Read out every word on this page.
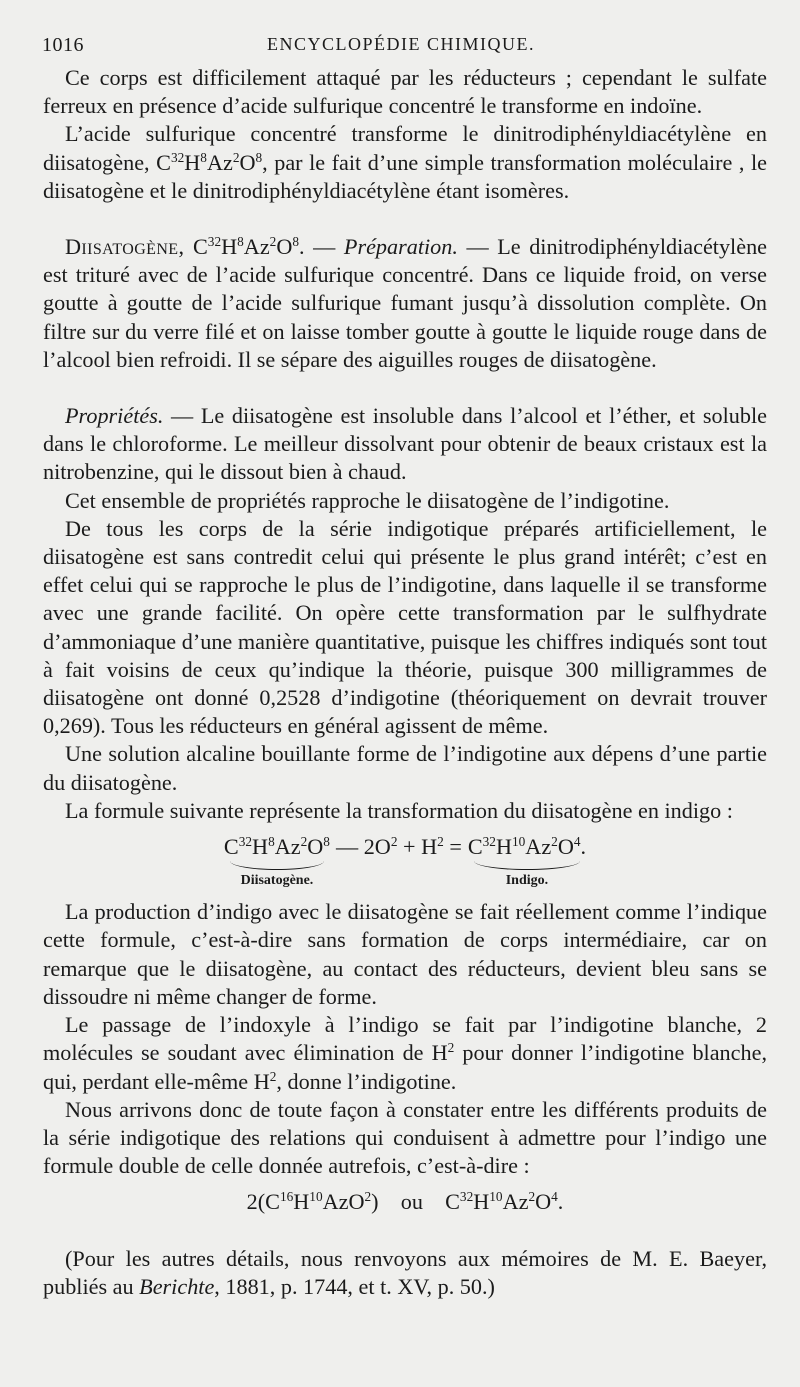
1016	ENCYCLOPÉDIE CHIMIQUE.

Ce corps est difficilement attaqué par les réducteurs ; cependant le sulfate ferreux en présence d’acide sulfurique concentré le transforme en indoïne.

L’acide sulfurique concentré transforme le dinitrodiphényldiacétylène en diisatogène, $C^{32}H^8Az^2O^8$, par le fait d’une simple transformation moléculaire , le diisatogène et le dinitrodiphényldiacétylène étant isomères.

Diisatogène, $C^{32}H^8Az^2O^8$. — Préparation. — Le dinitrodiphényldiacétylène est trituré avec de l’acide sulfurique concentré. Dans ce liquide froid, on verse goutte à goutte de l’acide sulfurique fumant jusqu’à dissolution complète. On filtre sur du verre filé et on laisse tomber goutte à goutte le liquide rouge dans de l’alcool bien refroidi. Il se sépare des aiguilles rouges de diisatogène.

Propriétés. — Le diisatogène est insoluble dans l’alcool et l’éther, et soluble dans le chloroforme. Le meilleur dissolvant pour obtenir de beaux cristaux est la nitrobenzine, qui le dissout bien à chaud.

Cet ensemble de propriétés rapproche le diisatogène de l’indigotine.

De tous les corps de la série indigotique préparés artificiellement, le diisatogène est sans contredit celui qui présente le plus grand intérêt; c’est en effet celui qui se rapproche le plus de l’indigotine, dans laquelle il se transforme avec une grande facilité. On opère cette transformation par le sulfhydrate d’ammoniaque d’une manière quantitative, puisque les chiffres indiqués sont tout à fait voisins de ceux qu’indique la théorie, puisque 300 milligrammes de diisatogène ont donné 0,2528 d’indigotine (théoriquement on devrait trouver 0,269). Tous les réducteurs en général agissent de même.

Une solution alcaline bouillante forme de l’indigotine aux dépens d’une partie du diisatogène.

La formule suivante représente la transformation du diisatogène en indigo :

$C^{32}H^8Az^2O^8$
Diisatogène.
— $2O^2 + H^2 = C^{32}H^{10}Az^2O^4$.
Indigo.

La production d’indigo avec le diisatogène se fait réellement comme l’indique cette formule, c’est-à-dire sans formation de corps intermédiaire, car on remarque que le diisatogène, au contact des réducteurs, devient bleu sans se dissoudre ni même changer de forme.

Le passage de l’indoxyle à l’indigo se fait par l’indigotine blanche, 2 molécules se soudant avec élimination de $H^2$ pour donner l’indigotine blanche, qui, perdant elle-même $H^2$, donne l’indigotine.

Nous arrivons donc de toute façon à constater entre les différents produits de la série indigotique des relations qui conduisent à admettre pour l’indigo une formule double de celle donnée autrefois, c’est-à-dire :

$2(C^{16}H^{10}AzO^2)$ ou $C^{32}H^{10}Az^2O^4$.

(Pour les autres détails, nous renvoyons aux mémoires de M. E. Baeyer, publiés au Berichte, 1881, p. 1744, et t. XV, p. 50.)
